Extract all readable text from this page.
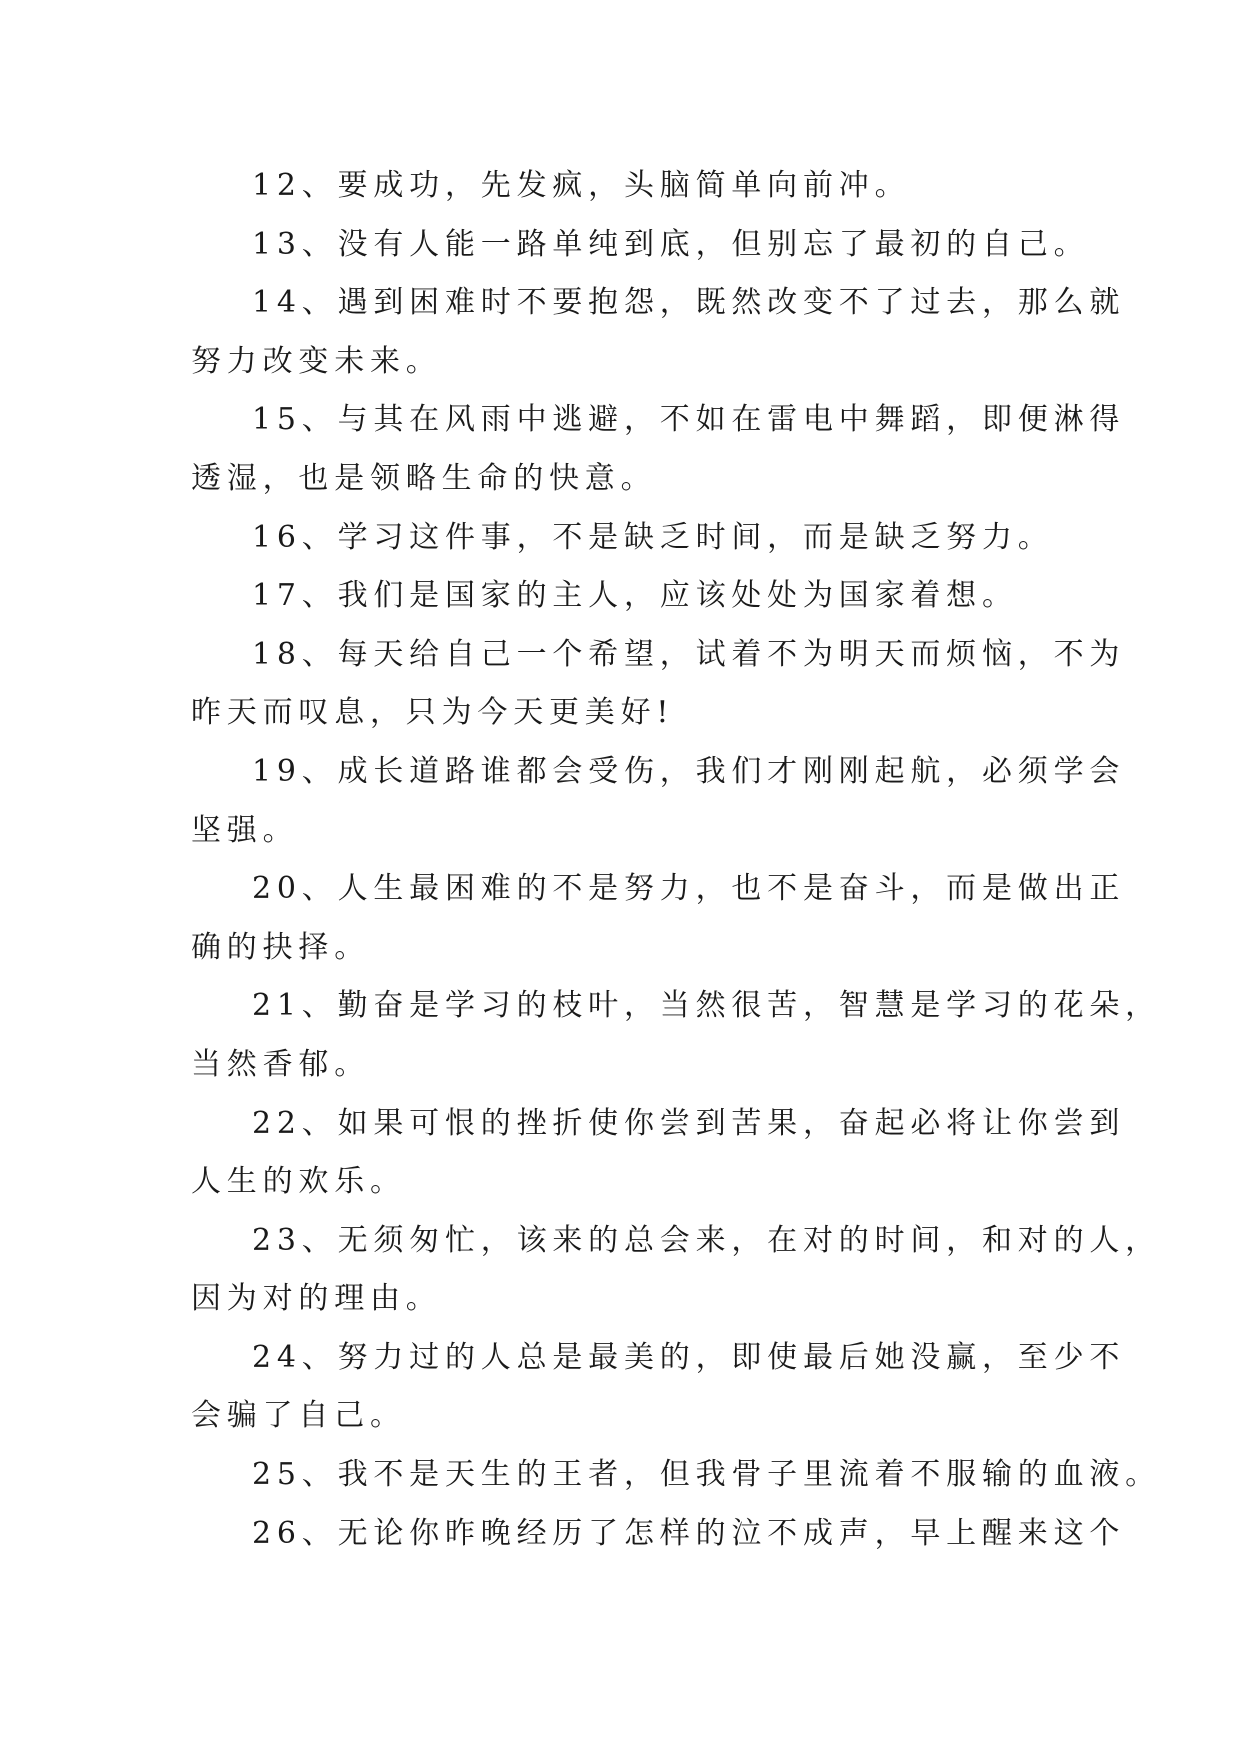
12、要成功，先发疯，头脑简单向前冲。

13、没有人能一路单纯到底，但别忘了最初的自己。

14、遇到困难时不要抱怨，既然改变不了过去，那么就
努力改变未来。

15、与其在风雨中逃避，不如在雷电中舞蹈，即便淋得
透湿，也是领略生命的快意。

16、学习这件事，不是缺乏时间，而是缺乏努力。

17、我们是国家的主人，应该处处为国家着想。

18、每天给自己一个希望，试着不为明天而烦恼，不为
昨天而叹息，只为今天更美好!

19、成长道路谁都会受伤，我们才刚刚起航，必须学会
坚强。

20、人生最困难的不是努力，也不是奋斗，而是做出正
确的抉择。

21、勤奋是学习的枝叶，当然很苦，智慧是学习的花朵，
当然香郁。

22、如果可恨的挫折使你尝到苦果，奋起必将让你尝到
人生的欢乐。

23、无须匆忙，该来的总会来，在对的时间，和对的人，
因为对的理由。

24、努力过的人总是最美的，即使最后她没赢，至少不
会骗了自己。

25、我不是天生的王者，但我骨子里流着不服输的血液。

26、无论你昨晚经历了怎样的泣不成声，早上醒来这个
